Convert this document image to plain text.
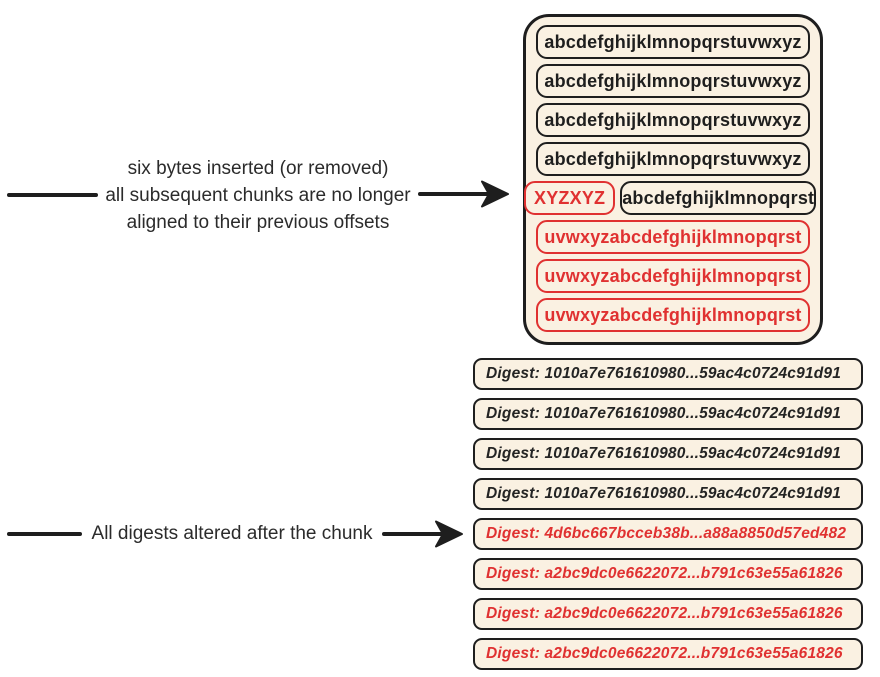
six bytes inserted (or removed)
all subsequent chunks are no longer
aligned to their previous offsets
All digests altered after the chunk
abcdefghijklmnopqrstuvwxyz
abcdefghijklmnopqrstuvwxyz
abcdefghijklmnopqrstuvwxyz
abcdefghijklmnopqrstuvwxyz
XYZXYZ abcdefghijklmnopqrst
uvwxyzabcdefghijklmnopqrst
uvwxyzabcdefghijklmnopqrst
uvwxyzabcdefghijklmnopqrst
Digest: 1010a7e761610980...59ac4c0724c91d91
Digest: 1010a7e761610980...59ac4c0724c91d91
Digest: 1010a7e761610980...59ac4c0724c91d91
Digest: 1010a7e761610980...59ac4c0724c91d91
Digest: 4d6bc667bcceb38b...a88a8850d57ed482
Digest: a2bc9dc0e6622072...b791c63e55a61826
Digest: a2bc9dc0e6622072...b791c63e55a61826
Digest: a2bc9dc0e6622072...b791c63e55a61826
